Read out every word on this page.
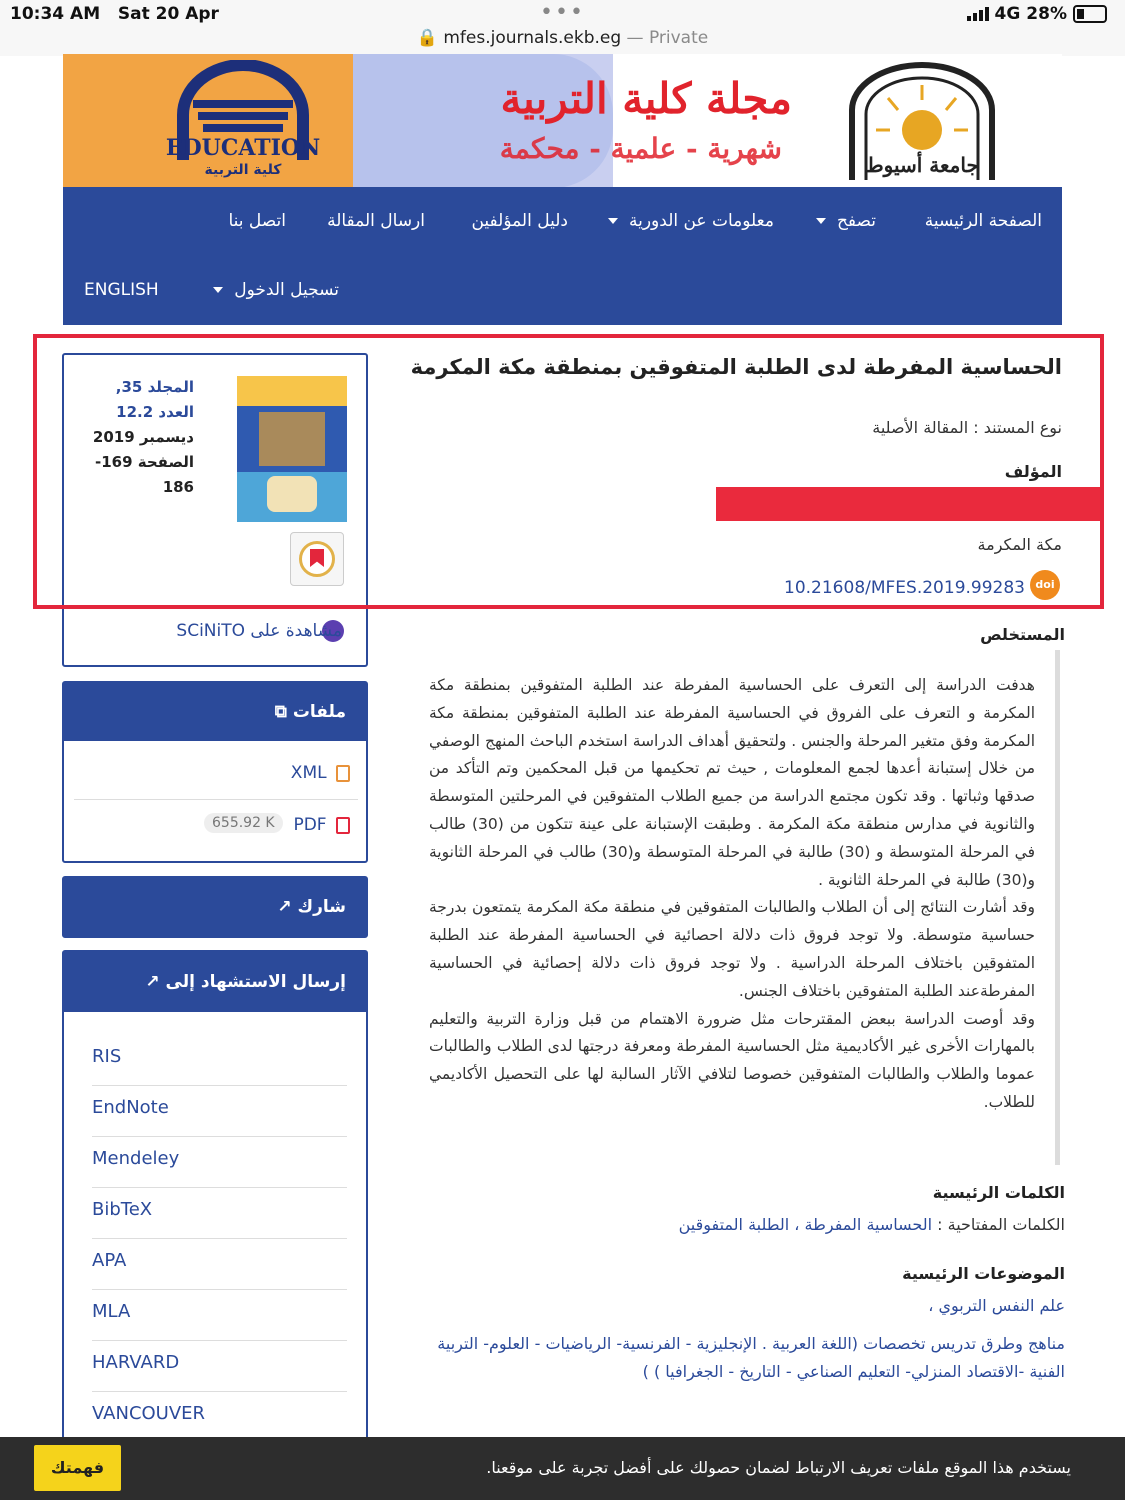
10:34 AM Sat 20 Apr	•••	4G 28%
🔒 mfes.journals.ekb.eg — Private
EDUCATION
كلية التربية
مجلة كلية التربية
شهرية - علمية - محكمة	جامعة أسيوط
الصفحة الرئيسية
تصفح
معلومات عن الدورية
دليل المؤلفين
ارسال المقالة
اتصل بنا
تسجيل الدخول
ENGLISH
الحساسية المفرطة لدى الطلبة المتفوقين بمنطقة مكة المكرمة
نوع المستند : المقالة الأصلية
المؤلف
مكة المكرمة
doi
10.21608/MFES.2019.99283
المجلد 35,
العدد 12.2
ديسمبر 2019
الصفحة 169-
186
مشاهدة على SCiNiTO	المستخلص

هدفت الدراسة إلى التعرف على الحساسية المفرطة عند الطلبة المتفوقين بمنطقة مكة المكرمة و التعرف على الفروق في الحساسية المفرطة عند الطلبة المتفوقين بمنطقة مكة المكرمة وفق متغير المرحلة والجنس . ولتحقيق أهداف الدراسة استخدم الباحث المنهج الوصفي من خلال إستبانة أعدها لجمع المعلومات , حيث تم تحكيمها من قبل المحكمين وتم التأكد من صدقها وثباتها . وقد تكون مجتمع الدراسة من جميع الطلاب المتفوقين في المرحلتين المتوسطة والثانوية في مدارس منطقة مكة المكرمة . وطبقت الإستبانة على عينة تتكون من (30) طالب في المرحلة المتوسطة و (30) طالبة في المرحلة المتوسطة و(30) طالب في المرحلة الثانوية و(30) طالبة في المرحلة الثانوية .

وقد أشارت النتائج إلى أن الطلاب والطالبات المتفوقين في منطقة مكة المكرمة يتمتعون بدرجة حساسية متوسطة. ولا توجد فروق ذات دلالة احصائية في الحساسية المفرطة عند الطلبة المتفوقين باختلاف المرحلة الدراسية . ولا توجد فروق ذات دلالة إحصائية في الحساسية المفرطةعند الطلبة المتفوقين باختلاف الجنس.

وقد أوصت الدراسة ببعض المقترحات مثل ضرورة الاهتمام من قبل وزارة التربية والتعليم بالمهارات الأخرى غير الأكاديمية مثل الحساسية المفرطة ومعرفة درجتها لدى الطلاب والطالبات عموما والطلاب والطالبات المتفوقين خصوصا لتلافي الآثار السالبة لها على التحصيل الأكاديمي للطلاب.

الكلمات الرئيسية
الكلمات المفتاحية : الحساسية المفرطة ، الطلبة المتفوقين
الموضوعات الرئيسية
علم النفس التربوي ،
مناهج وطرق تدريس تخصصات (اللغة العربية . الإنجليزية - الفرنسية- الرياضيات - العلوم- التربية الفنية -الاقتصاد المنزلي- التعليم الصناعي - التاريخ - الجغرافيا ) )
ملفات ⧉
XML
PDF
655.92 K
شارك ↗
إرسال الاستشهاد إلى ↗
RIS
EndNote
Mendeley
BibTeX
APA
MLA
HARVARD
VANCOUVER
يستخدم هذا الموقع ملفات تعريف الارتباط لضمان حصولك على أفضل تجربة على موقعنا.
فهمتك
